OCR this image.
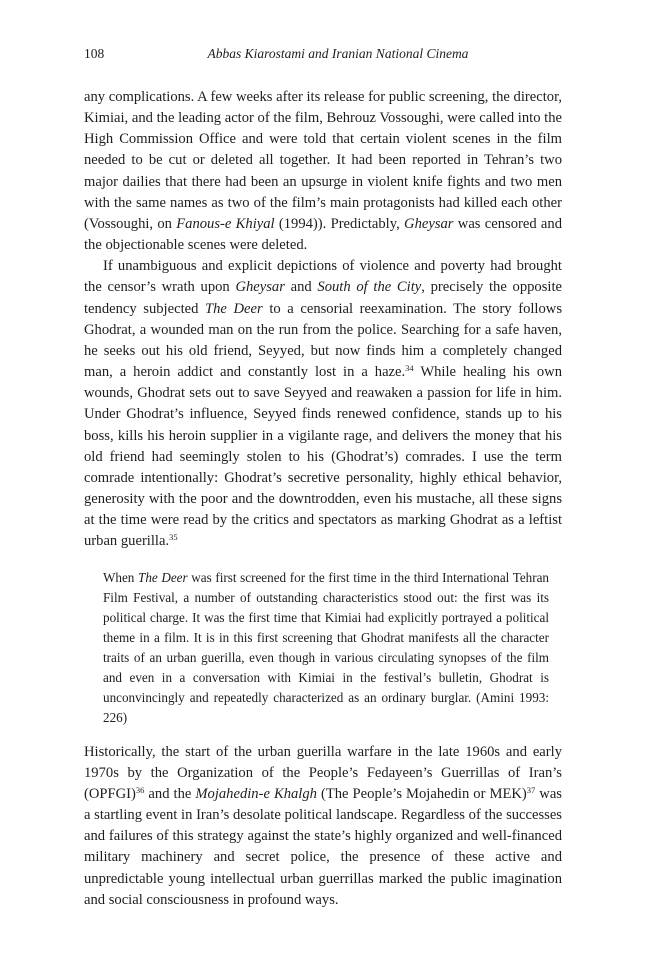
108	Abbas Kiarostami and Iranian National Cinema

any complications. A few weeks after its release for public screening, the director, Kimiai, and the leading actor of the film, Behrouz Vossoughi, were called into the High Commission Office and were told that certain violent scenes in the film needed to be cut or deleted all together. It had been reported in Tehran’s two major dailies that there had been an upsurge in violent knife fights and two men with the same names as two of the film’s main protagonists had killed each other (Vossoughi, on Fanous-e Khiyal (1994)). Predictably, Gheysar was censored and the objectionable scenes were deleted.

If unambiguous and explicit depictions of violence and poverty had brought the censor’s wrath upon Gheysar and South of the City, precisely the opposite tendency subjected The Deer to a censorial reexamination. The story follows Ghodrat, a wounded man on the run from the police. Searching for a safe haven, he seeks out his old friend, Seyyed, but now finds him a completely changed man, a heroin addict and constantly lost in a haze.$^{34}$ While healing his own wounds, Ghodrat sets out to save Seyyed and reawaken a passion for life in him. Under Ghodrat’s influence, Seyyed finds renewed confidence, stands up to his boss, kills his heroin supplier in a vigilante rage, and delivers the money that his old friend had seemingly stolen to his (Ghodrat’s) comrades. I use the term comrade intentionally: Ghodrat’s secretive personality, highly ethical behavior, generosity with the poor and the downtrodden, even his mustache, all these signs at the time were read by the critics and spectators as marking Ghodrat as a leftist urban guerilla.$^{35}$

When The Deer was first screened for the first time in the third International Tehran Film Festival, a number of outstanding characteristics stood out: the first was its political charge. It was the first time that Kimiai had explicitly portrayed a political theme in a film. It is in this first screening that Ghodrat manifests all the character traits of an urban guerilla, even though in various circulating synopses of the film and even in a conversation with Kimiai in the festival’s bulletin, Ghodrat is unconvincingly and repeatedly characterized as an ordinary burglar. (Amini 1993: 226)

Historically, the start of the urban guerilla warfare in the late 1960s and early 1970s by the Organization of the People’s Fedayeen’s Guerrillas of Iran’s (OPFGI)$^{36}$ and the Mojahedin-e Khalgh (The People’s Mojahedin or MEK)$^{37}$ was a startling event in Iran’s desolate political landscape. Regardless of the successes and failures of this strategy against the state’s highly organized and well-financed military machinery and secret police, the presence of these active and unpredictable young intellectual urban guerrillas marked the public imagination and social consciousness in profound ways.
